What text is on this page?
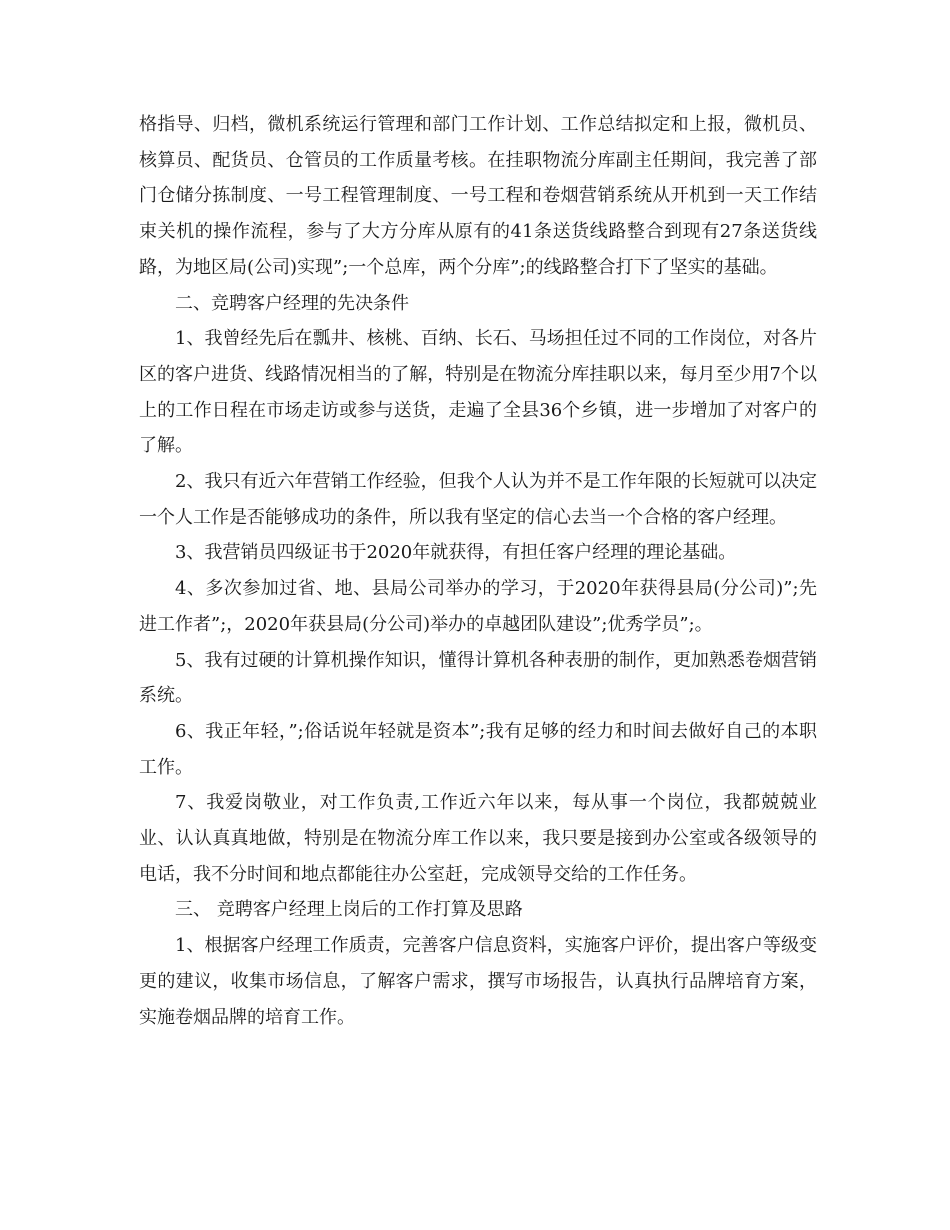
格指导、归档，微机系统运行管理和部门工作计划、工作总结拟定和上报，微机员、核算员、配货员、仓管员的工作质量考核。在挂职物流分库副主任期间，我完善了部门仓储分拣制度、一号工程管理制度、一号工程和卷烟营销系统从开机到一天工作结束关机的操作流程，参与了大方分库从原有的41条送货线路整合到现有27条送货线路，为地区局(公司)实现”;一个总库，两个分库”;的线路整合打下了坚实的基础。

二、竞聘客户经理的先决条件

1、我曾经先后在瓢井、核桃、百纳、长石、马场担任过不同的工作岗位，对各片区的客户进货、线路情况相当的了解，特别是在物流分库挂职以来，每月至少用7个以上的工作日程在市场走访或参与送货，走遍了全县36个乡镇，进一步增加了对客户的了解。

2、我只有近六年营销工作经验，但我个人认为并不是工作年限的长短就可以决定一个人工作是否能够成功的条件，所以我有坚定的信心去当一个合格的客户经理。

3、我营销员四级证书于2020年就获得，有担任客户经理的理论基础。

4、多次参加过省、地、县局公司举办的学习，于2020年获得县局(分公司)”;先进工作者”;，2020年获县局(分公司)举办的卓越团队建设”;优秀学员”;。

5、我有过硬的计算机操作知识，懂得计算机各种表册的制作，更加熟悉卷烟营销系统。

6、我正年轻，”;俗话说年轻就是资本”;我有足够的经力和时间去做好自己的本职工作。

7、我爱岗敬业，对工作负责,工作近六年以来，每从事一个岗位，我都兢兢业业、认认真真地做，特别是在物流分库工作以来，我只要是接到办公室或各级领导的电话，我不分时间和地点都能往办公室赶，完成领导交给的工作任务。

三、 竞聘客户经理上岗后的工作打算及思路

1、根据客户经理工作质责，完善客户信息资料，实施客户评价，提出客户等级变更的建议，收集市场信息，了解客户需求，撰写市场报告，认真执行品牌培育方案，实施卷烟品牌的培育工作。
